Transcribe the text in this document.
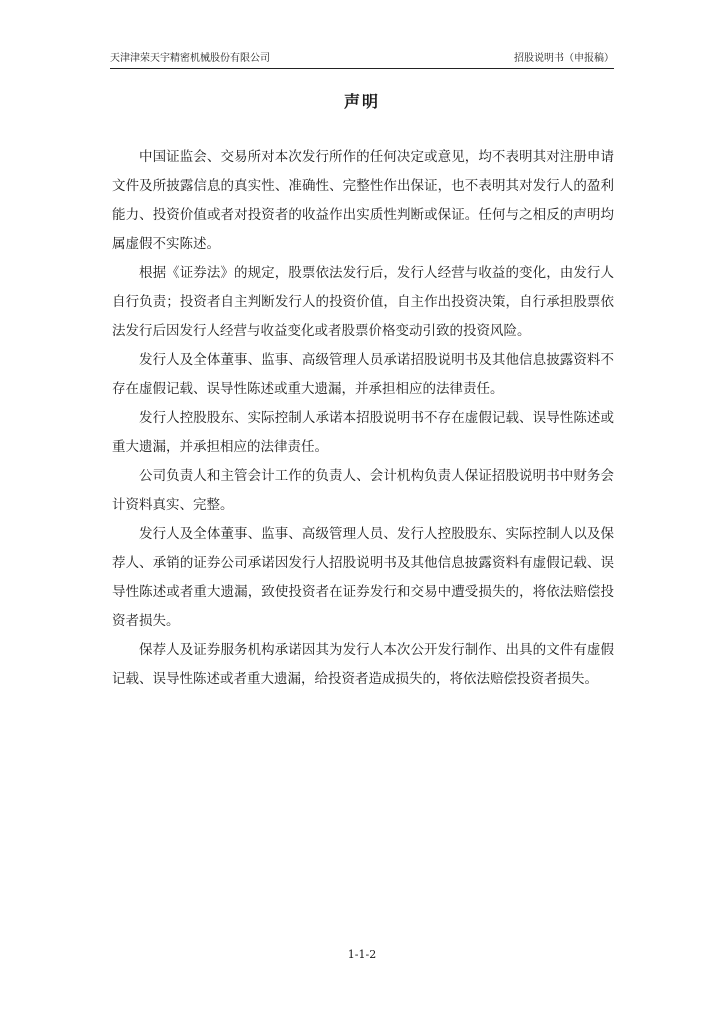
天津津荣天宇精密机械股份有限公司	招股说明书（申报稿）
声明

中国证监会、交易所对本次发行所作的任何决定或意见，均不表明其对注册申请文件及所披露信息的真实性、准确性、完整性作出保证，也不表明其对发行人的盈利能力、投资价值或者对投资者的收益作出实质性判断或保证。任何与之相反的声明均属虚假不实陈述。

根据《证券法》的规定，股票依法发行后，发行人经营与收益的变化，由发行人自行负责；投资者自主判断发行人的投资价值，自主作出投资决策，自行承担股票依法发行后因发行人经营与收益变化或者股票价格变动引致的投资风险。

发行人及全体董事、监事、高级管理人员承诺招股说明书及其他信息披露资料不存在虚假记载、误导性陈述或重大遗漏，并承担相应的法律责任。

发行人控股股东、实际控制人承诺本招股说明书不存在虚假记载、误导性陈述或重大遗漏，并承担相应的法律责任。

公司负责人和主管会计工作的负责人、会计机构负责人保证招股说明书中财务会计资料真实、完整。

发行人及全体董事、监事、高级管理人员、发行人控股股东、实际控制人以及保荐人、承销的证券公司承诺因发行人招股说明书及其他信息披露资料有虚假记载、误导性陈述或者重大遗漏，致使投资者在证券发行和交易中遭受损失的，将依法赔偿投资者损失。

保荐人及证券服务机构承诺因其为发行人本次公开发行制作、出具的文件有虚假记载、误导性陈述或者重大遗漏，给投资者造成损失的，将依法赔偿投资者损失。

1-1-2
